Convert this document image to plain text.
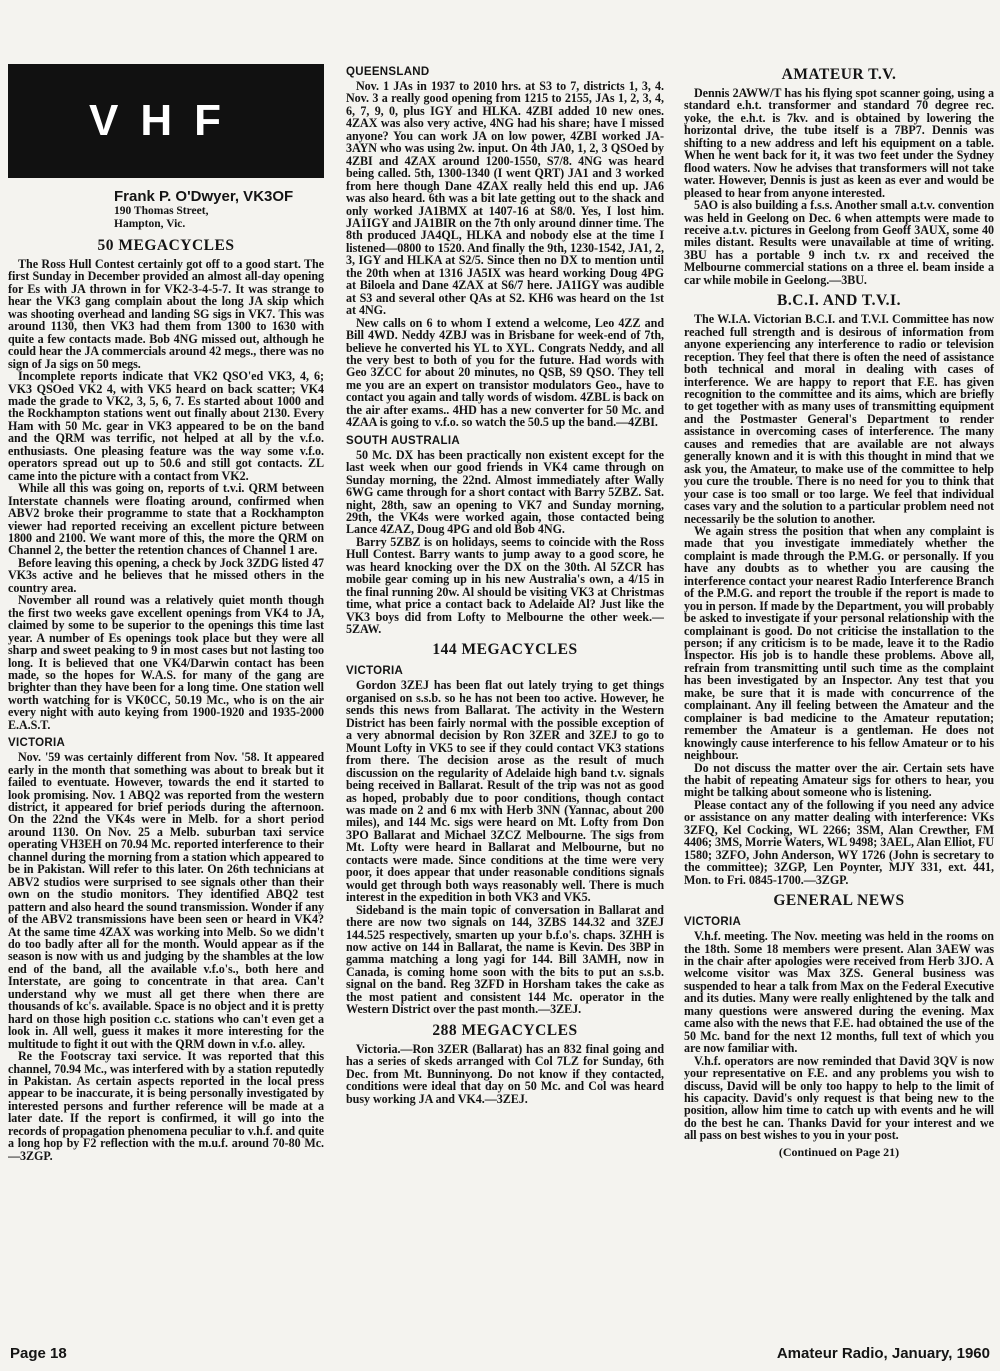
VHF
Frank P. O'Dwyer, VK3OF
190 Thomas Street,
Hampton, Vic.
50 MEGACYCLES

The Ross Hull Contest certainly got off to a good start. The first Sunday in December provided an almost all-day opening for Es with JA thrown in for VK2-3-4-5-7. It was strange to hear the VK3 gang complain about the long JA skip which was shooting overhead and landing SG sigs in VK7. This was around 1130, then VK3 had them from 1300 to 1630 with quite a few contacts made. Bob 4NG missed out, although he could hear the JA commercials around 42 megs., there was no sign of Ja sigs on 50 megs.

Incomplete reports indicate that VK2 QSO'ed VK3, 4, 6; VK3 QSOed VK2 4, with VK5 heard on back scatter; VK4 made the grade to VK2, 3, 5, 6, 7. Es started about 1000 and the Rockhampton stations went out finally about 2130. Every Ham with 50 Mc. gear in VK3 appeared to be on the band and the QRM was terrific, not helped at all by the v.f.o. enthusiasts. One pleasing feature was the way some v.f.o. operators spread out up to 50.6 and still got contacts. ZL came into the picture with a contact from VK2.

While all this was going on, reports of t.v.i. QRM between Interstate channels were floating around, confirmed when ABV2 broke their programme to state that a Rockhampton viewer had reported receiving an excellent picture between 1800 and 2100. We want more of this, the more the QRM on Channel 2, the better the retention chances of Channel 1 are.

Before leaving this opening, a check by Jock 3ZDG listed 47 VK3s active and he believes that he missed others in the country area.

November all round was a relatively quiet month though the first two weeks gave excellent openings from VK4 to JA, claimed by some to be superior to the openings this time last year. A number of Es openings took place but they were all sharp and sweet peaking to 9 in most cases but not lasting too long. It is believed that one VK4/Darwin contact has been made, so the hopes for W.A.S. for many of the gang are brighter than they have been for a long time. One station well worth watching for is VK0CC, 50.19 Mc., who is on the air every night with auto keying from 1900-1920 and 1935-2000 E.A.S.T.

VICTORIA

Nov. '59 was certainly different from Nov. '58. It appeared early in the month that something was about to break but it failed to eventuate. However, towards the end it started to look promising. Nov. 1 ABQ2 was reported from the western district, it appeared for brief periods during the afternoon. On the 22nd the VK4s were in Melb. for a short period around 1130. On Nov. 25 a Melb. suburban taxi service operating VH3EH on 70.94 Mc. reported interference to their channel during the morning from a station which appeared to be in Pakistan. Will refer to this later. On 26th technicians at ABV2 studios were surprised to see signals other than their own on the studio monitors. They identified ABQ2 test pattern and also heard the sound transmission. Wonder if any of the ABV2 transmissions have been seen or heard in VK4? At the same time 4ZAX was working into Melb. So we didn't do too badly after all for the month. Would appear as if the season is now with us and judging by the shambles at the low end of the band, all the available v.f.o's., both here and Interstate, are going to concentrate in that area. Can't understand why we must all get there when there are thousands of kc's. available. Space is no object and it is pretty hard on those high position c.c. stations who can't even get a look in. All well, guess it makes it more interesting for the multitude to fight it out with the QRM down in v.f.o. alley.

Re the Footscray taxi service. It was reported that this channel, 70.94 Mc., was interfered with by a station reputedly in Pakistan. As certain aspects reported in the local press appear to be inaccurate, it is being personally investigated by interested persons and further reference will be made at a later date. If the report is confirmed, it will go into the records of propagation phenomena peculiar to v.h.f. and quite a long hop by F2 reflection with the m.u.f. around 70-80 Mc.—3ZGP.

QUEENSLAND

Nov. 1 JAs in 1937 to 2010 hrs. at S3 to 7, districts 1, 3, 4. Nov. 3 a really good opening from 1215 to 2155, JAs 1, 2, 3, 4, 6, 7, 9, 0, plus IGY and HLKA. 4ZBI added 10 new ones. 4ZAX was also very active, 4NG had his share; have I missed anyone? You can work JA on low power, 4ZBI worked JA-3AYN who was using 2w. input. On 4th JA0, 1, 2, 3 QSOed by 4ZBI and 4ZAX around 1200-1550, S7/8. 4NG was heard being called. 5th, 1300-1340 (I went QRT) JA1 and 3 worked from here though Dane 4ZAX really held this end up. JA6 was also heard. 6th was a bit late getting out to the shack and only worked JA1BMX at 1407-16 at S8/0. Yes, I lost him. JA1IGY and JA1BIR on the 7th only around dinner time. The 8th produced JA4QL, HLKA and nobody else at the time I listened—0800 to 1520. And finally the 9th, 1230-1542, JA1, 2, 3, IGY and HLKA at S2/5. Since then no DX to mention until the 20th when at 1316 JA5IX was heard working Doug 4PG at Biloela and Dane 4ZAX at S6/7 here. JA1IGY was audible at S3 and several other QAs at S2. KH6 was heard on the 1st at 4NG.

New calls on 6 to whom I extend a welcome, Leo 4ZZ and Bill 4WD. Neddy 4ZBJ was in Brisbane for week-end of 7th, believe he converted his YL to XYL. Congrats Neddy, and all the very best to both of you for the future. Had words with Geo 3ZCC for about 20 minutes, no QSB, S9 QSO. They tell me you are an expert on transistor modulators Geo., have to contact you again and tally words of wisdom. 4ZBL is back on the air after exams.. 4HD has a new converter for 50 Mc. and 4ZAA is going to v.f.o. so watch the 50.5 up the band.—4ZBI.

SOUTH AUSTRALIA

50 Mc. DX has been practically non existent except for the last week when our good friends in VK4 came through on Sunday morning, the 22nd. Almost immediately after Wally 6WG came through for a short contact with Barry 5ZBZ. Sat. night, 28th, saw an opening to VK7 and Sunday morning, 29th, the VK4s were worked again, those contacted being Lance 4ZAZ, Doug 4PG and old Bob 4NG.

Barry 5ZBZ is on holidays, seems to coincide with the Ross Hull Contest. Barry wants to jump away to a good score, he was heard knocking over the DX on the 30th. Al 5ZCR has mobile gear coming up in his new Australia's own, a 4/15 in the final running 20w. Al should be visiting VK3 at Christmas time, what price a contact back to Adelaide Al? Just like the VK3 boys did from Lofty to Melbourne the other week.—5ZAW.

144 MEGACYCLES
VICTORIA

Gordon 3ZEJ has been flat out lately trying to get things organised on s.s.b. so he has not been too active. However, he sends this news from Ballarat. The activity in the Western District has been fairly normal with the possible exception of a very abnormal decision by Ron 3ZER and 3ZEJ to go to Mount Lofty in VK5 to see if they could contact VK3 stations from there. The decision arose as the result of much discussion on the regularity of Adelaide high band t.v. signals being received in Ballarat. Result of the trip was not as good as hoped, probably due to poor conditions, though contact was made on 2 and 6 mx with Herb 3NN (Yannac, about 200 miles), and 144 Mc. sigs were heard on Mt. Lofty from Don 3PO Ballarat and Michael 3ZCZ Melbourne. The sigs from Mt. Lofty were heard in Ballarat and Melbourne, but no contacts were made. Since conditions at the time were very poor, it does appear that under reasonable conditions signals would get through both ways reasonably well. There is much interest in the expedition in both VK3 and VK5.

Sideband is the main topic of conversation in Ballarat and there are now two signals on 144, 3ZBS 144.32 and 3ZEJ 144.525 respectively, smarten up your b.f.o's. chaps. 3ZHH is now active on 144 in Ballarat, the name is Kevin. Des 3BP in gamma matching a long yagi for 144. Bill 3AMH, now in Canada, is coming home soon with the bits to put an s.s.b. signal on the band. Reg 3ZFD in Horsham takes the cake as the most patient and consistent 144 Mc. operator in the Western District over the past month.—3ZEJ.

288 MEGACYCLES

Victoria.—Ron 3ZER (Ballarat) has an 832 final going and has a series of skeds arranged with Col 7LZ for Sunday, 6th Dec. from Mt. Bunninyong. Do not know if they contacted, conditions were ideal that day on 50 Mc. and Col was heard busy working JA and VK4.—3ZEJ.

AMATEUR T.V.

Dennis 2AWW/T has his flying spot scanner going, using a standard e.h.t. transformer and standard 70 degree rec. yoke, the e.h.t. is 7kv. and is obtained by lowering the horizontal drive, the tube itself is a 7BP7. Dennis was shifting to a new address and left his equipment on a table. When he went back for it, it was two feet under the Sydney flood waters. Now he advises that transformers will not take water. However, Dennis is just as keen as ever and would be pleased to hear from anyone interested.

5AO is also building a f.s.s. Another small a.t.v. convention was held in Geelong on Dec. 6 when attempts were made to receive a.t.v. pictures in Geelong from Geoff 3AUX, some 40 miles distant. Results were unavailable at time of writing. 3BU has a portable 9 inch t.v. rx and received the Melbourne commercial stations on a three el. beam inside a car while mobile in Geelong.—3BU.

B.C.I. AND T.V.I.

The W.I.A. Victorian B.C.I. and T.V.I. Committee has now reached full strength and is desirous of information from anyone experiencing any interference to radio or television reception. They feel that there is often the need of assistance both technical and moral in dealing with cases of interference. We are happy to report that F.E. has given recognition to the committee and its aims, which are briefly to get together with as many uses of transmitting equipment and the Postmaster General's Department to render assistance in overcoming cases of interference. The many causes and remedies that are available are not always generally known and it is with this thought in mind that we ask you, the Amateur, to make use of the committee to help you cure the trouble. There is no need for you to think that your case is too small or too large. We feel that individual cases vary and the solution to a particular problem need not necessarily be the solution to another.

We again stress the position that when any complaint is made that you investigate immediately whether the complaint is made through the P.M.G. or personally. If you have any doubts as to whether you are causing the interference contact your nearest Radio Interference Branch of the P.M.G. and report the trouble if the report is made to you in person. If made by the Department, you will probably be asked to investigate if your personal relationship with the complainant is good. Do not criticise the installation to the person; if any criticism is to be made, leave it to the Radio Inspector. His job is to handle these problems. Above all, refrain from transmitting until such time as the complaint has been investigated by an Inspector. Any test that you make, be sure that it is made with concurrence of the complainant. Any ill feeling between the Amateur and the complainer is bad medicine to the Amateur reputation; remember the Amateur is a gentleman. He does not knowingly cause interference to his fellow Amateur or to his neighbour.

Do not discuss the matter over the air. Certain sets have the habit of repeating Amateur sigs for others to hear, you might be talking about someone who is listening.

Please contact any of the following if you need any advice or assistance on any matter dealing with interference: VKs 3ZFQ, Kel Cocking, WL 2266; 3SM, Alan Crewther, FM 4406; 3MS, Morrie Waters, WL 9498; 3AEL, Alan Elliot, FU 1580; 3ZFO, John Anderson, WY 1726 (John is secretary to the committee); 3ZGP, Len Poynter, MJY 331, ext. 441, Mon. to Fri. 0845-1700.—3ZGP.

GENERAL NEWS
VICTORIA

V.h.f. meeting. The Nov. meeting was held in the rooms on the 18th. Some 18 members were present. Alan 3AEW was in the chair after apologies were received from Herb 3JO. A welcome visitor was Max 3ZS. General business was suspended to hear a talk from Max on the Federal Executive and its duties. Many were really enlightened by the talk and many questions were answered during the evening. Max came also with the news that F.E. had obtained the use of the 50 Mc. band for the next 12 months, full text of which you are now familiar with.

V.h.f. operators are now reminded that David 3QV is now your representative on F.E. and any problems you wish to discuss, David will be only too happy to help to the limit of his capacity. David's only request is that being new to the position, allow him time to catch up with events and he will do the best he can. Thanks David for your interest and we all pass on best wishes to you in your post.

(Continued on Page 21)
Page 18	Amateur Radio, January, 1960
